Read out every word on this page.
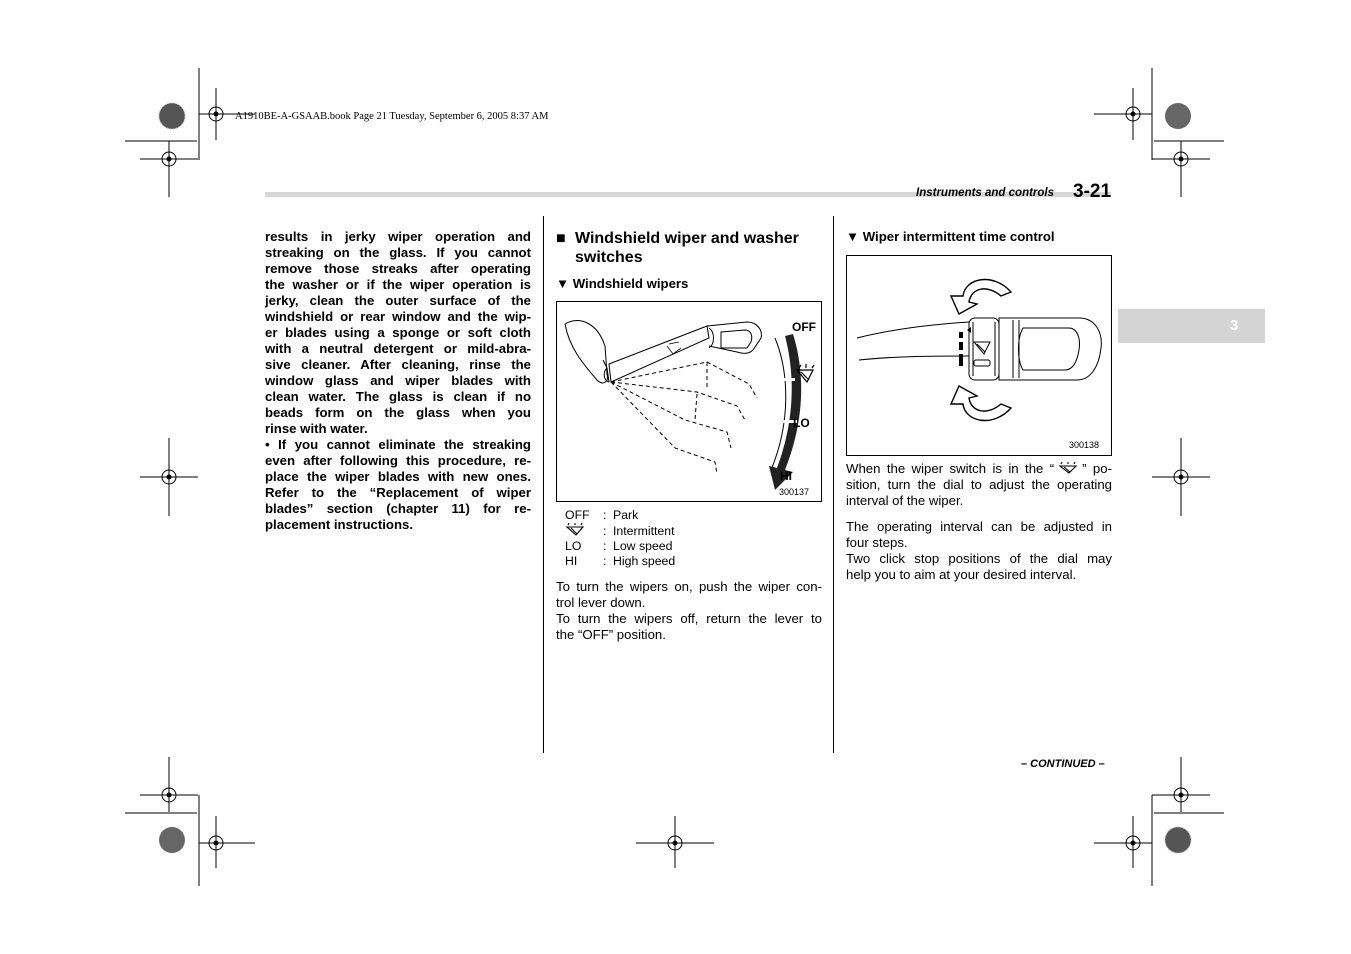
A1910BE-A-GSAAB.book Page 21 Tuesday, September 6, 2005 8:37 AM
Instruments and controls 3-21
3

results in jerky wiper operation and
streaking on the glass. If you cannot
remove those streaks after operating
the washer or if the wiper operation is
jerky, clean the outer surface of the
windshield or rear window and the wip-
er blades using a sponge or soft cloth
with a neutral detergent or mild-abra-
sive cleaner. After cleaning, rinse the
window glass and wiper blades with
clean water. The glass is clean if no
beads form on the glass when you
rinse with water.

• If you cannot eliminate the streaking
even after following this procedure, re-
place the wiper blades with new ones.
Refer to the “Replacement of wiper
blades” section (chapter 11) for re-
placement instructions.

■ Windshield wiper and washer switches
▼ Windshield wipers
OFF
LO
HI
300137
OFF	:	Park
	:	Intermittent
LO	:	Low speed
HI	:	High speed

To turn the wipers on, push the wiper con-
trol lever down.

To turn the wipers off, return the lever to
the “OFF” position.

▼ Wiper intermittent time control
300138

When the wiper switch is in the “ ” po-
sition, turn the dial to adjust the operating
interval of the wiper.

The operating interval can be adjusted in
four steps.

Two click stop positions of the dial may
help you to aim at your desired interval.

– CONTINUED –
